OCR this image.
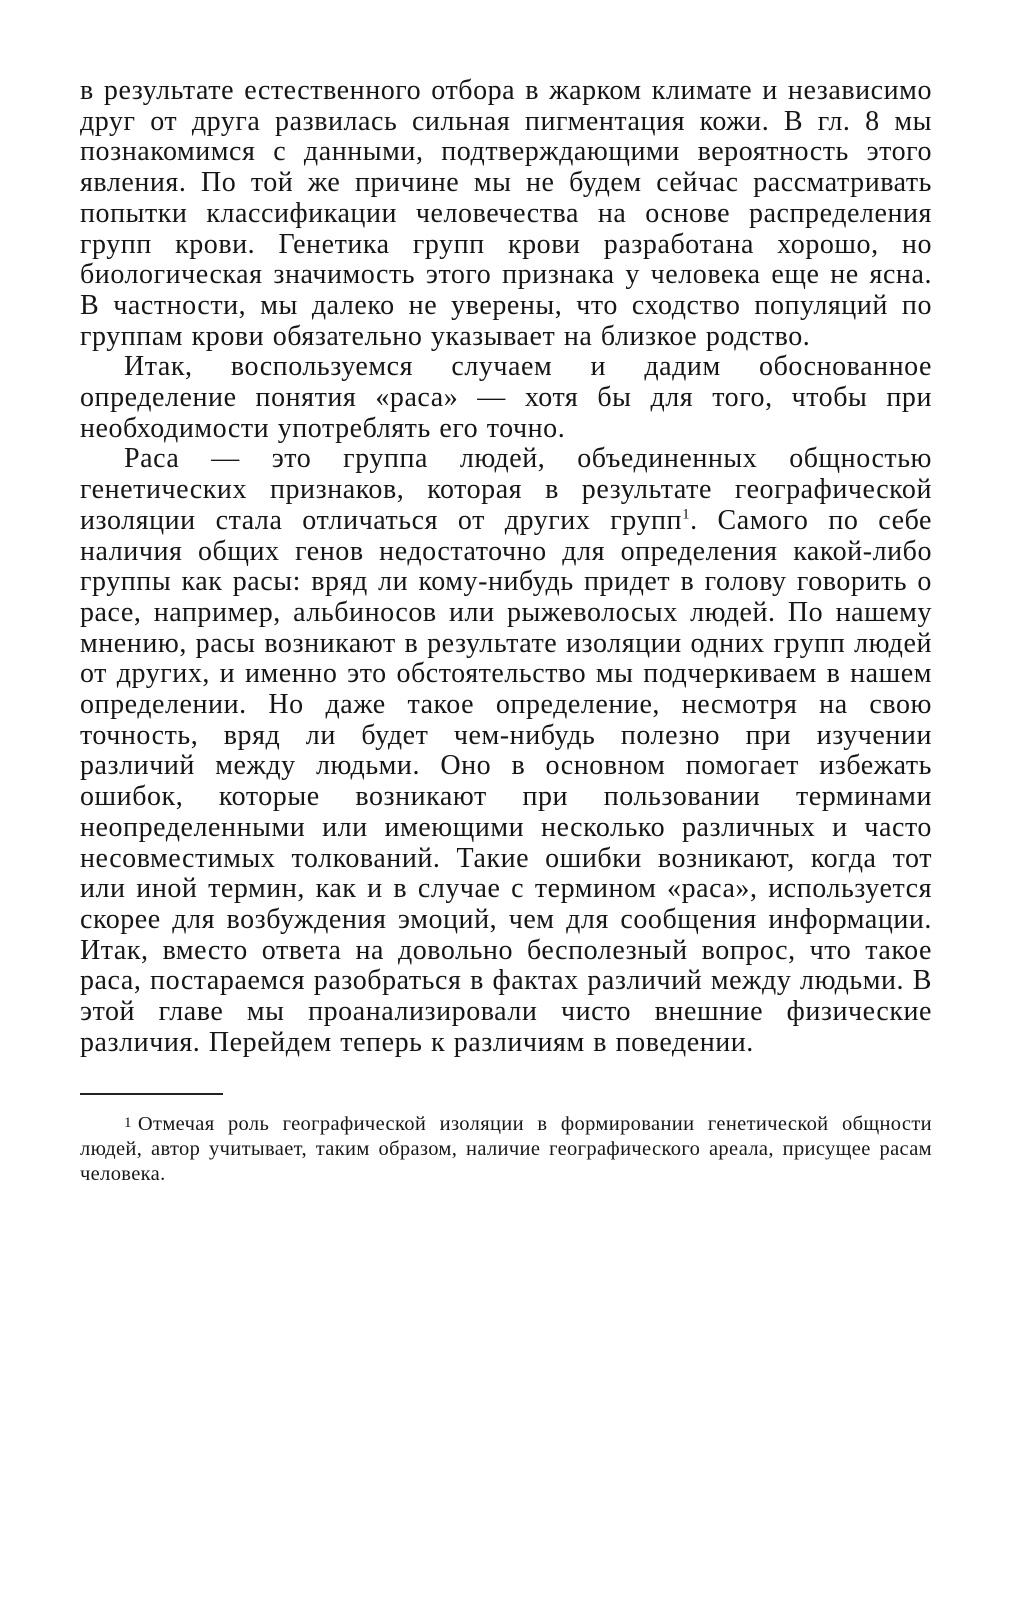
в результате естественного отбора в жарком климате и независимо друг от друга развилась сильная пигментация кожи. В гл. 8 мы познакомимся с данными, подтверждающими вероятность этого явления. По той же причине мы не будем сейчас рассматривать попытки классификации человечества на основе распределения групп крови. Генетика групп крови разработана хорошо, но биологическая значимость этого признака у человека еще не ясна. В частности, мы далеко не уверены, что сходство популяций по группам крови обязательно указывает на близкое родство.

Итак, воспользуемся случаем и дадим обоснованное определение понятия «раса» — хотя бы для того, чтобы при необходимости употреблять его точно.

Раса — это группа людей, объединенных общностью генетических признаков, которая в результате географической изоляции стала отличаться от других групп$^1$. Самого по себе наличия общих генов недостаточно для определения какой-либо группы как расы: вряд ли кому-нибудь придет в голову говорить о расе, например, альбиносов или рыжеволосых людей. По нашему мнению, расы возникают в результате изоляции одних групп людей от других, и именно это обстоятельство мы подчеркиваем в нашем определении. Но даже такое определение, несмотря на свою точность, вряд ли будет чем-нибудь полезно при изучении различий между людьми. Оно в основном помогает избежать ошибок, которые возникают при пользовании терминами неопределенными или имеющими несколько различных и часто несовместимых толкований. Такие ошибки возникают, когда тот или иной термин, как и в случае с термином «раса», используется скорее для возбуждения эмоций, чем для сообщения информации. Итак, вместо ответа на довольно бесполезный вопрос, что такое раса, постараемся разобраться в фактах различий между людьми. В этой главе мы проанализировали чисто внешние физические различия. Перейдем теперь к различиям в поведении.

1 Отмечая роль географической изоляции в формировании генетической общности людей, автор учитывает, таким образом, наличие географического ареала, присущее расам человека.
